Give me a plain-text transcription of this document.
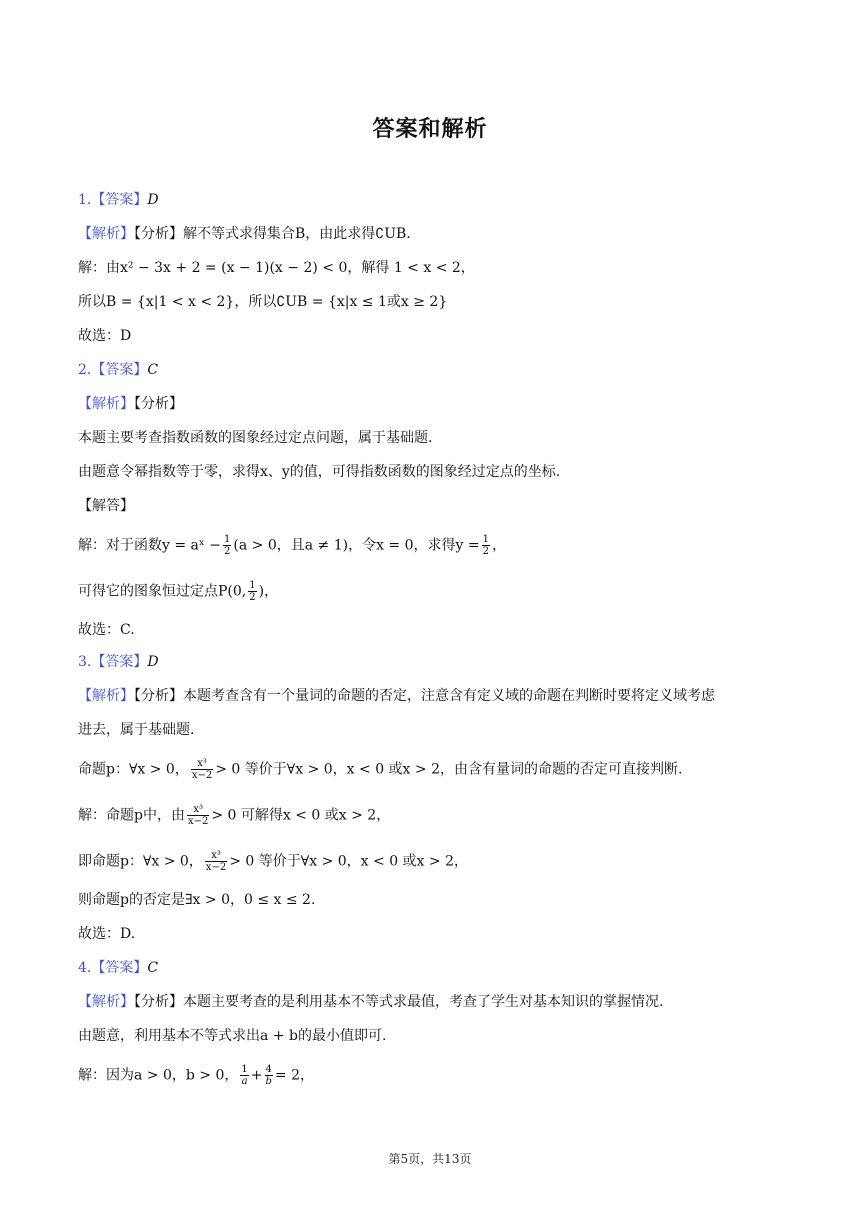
答案和解析
1.【答案】D
【解析】【分析】解不等式求得集合B，由此求得∁UB.
解：由x² − 3x + 2 = (x − 1)(x − 2) < 0，解得 1 < x < 2，
所以B = {x|1 < x < 2}，所以∁UB = {x|x ≤ 1或x ≥ 2}
故选：D
2.【答案】C
【解析】【分析】
本题主要考查指数函数的图象经过定点问题，属于基础题.
由题意令幂指数等于零，求得x、y的值，可得指数函数的图象经过定点的坐标.
【解答】
解：对于函数y = aˣ − $\frac{1}{2} (a > 0$，且a ≠ 1)，令x = 0，求得$y = \frac{1}{2}$ ，
可得它的图象恒过定点P(0, $\frac{1}{2}$ )，
故选：C.
3.【答案】D
【解析】【分析】本题考查含有一个量词的命题的否定，注意含有定义域的命题在判断时要将定义域考虑
进去，属于基础题.
命题p：∀x > 0， $\frac{\text{x³}}{x-2} > 0$ 等价于∀x > 0，x < 0 或x > 2，由含有量词的命题的否定可直接判断.
解：命题p中，由 $\frac{\text{x³}}{x-2} > 0$ 可解得x < 0 或x > 2，
即命题p：∀x > 0， $\frac{\text{x³}}{x-2} > 0$ 等价于∀x > 0，x < 0 或x > 2，
则命题p的否定是∃x > 0，0 ≤ x ≤ 2.
故选：D.
4.【答案】C
【解析】【分析】本题主要考查的是利用基本不等式求最值，考查了学生对基本知识的掌握情况.
由题意，利用基本不等式求出a + b的最小值即可.
解：因为a > 0，b > 0， $\frac{1}{a} + \frac{4}{b} = 2$，
第5页，共13页
